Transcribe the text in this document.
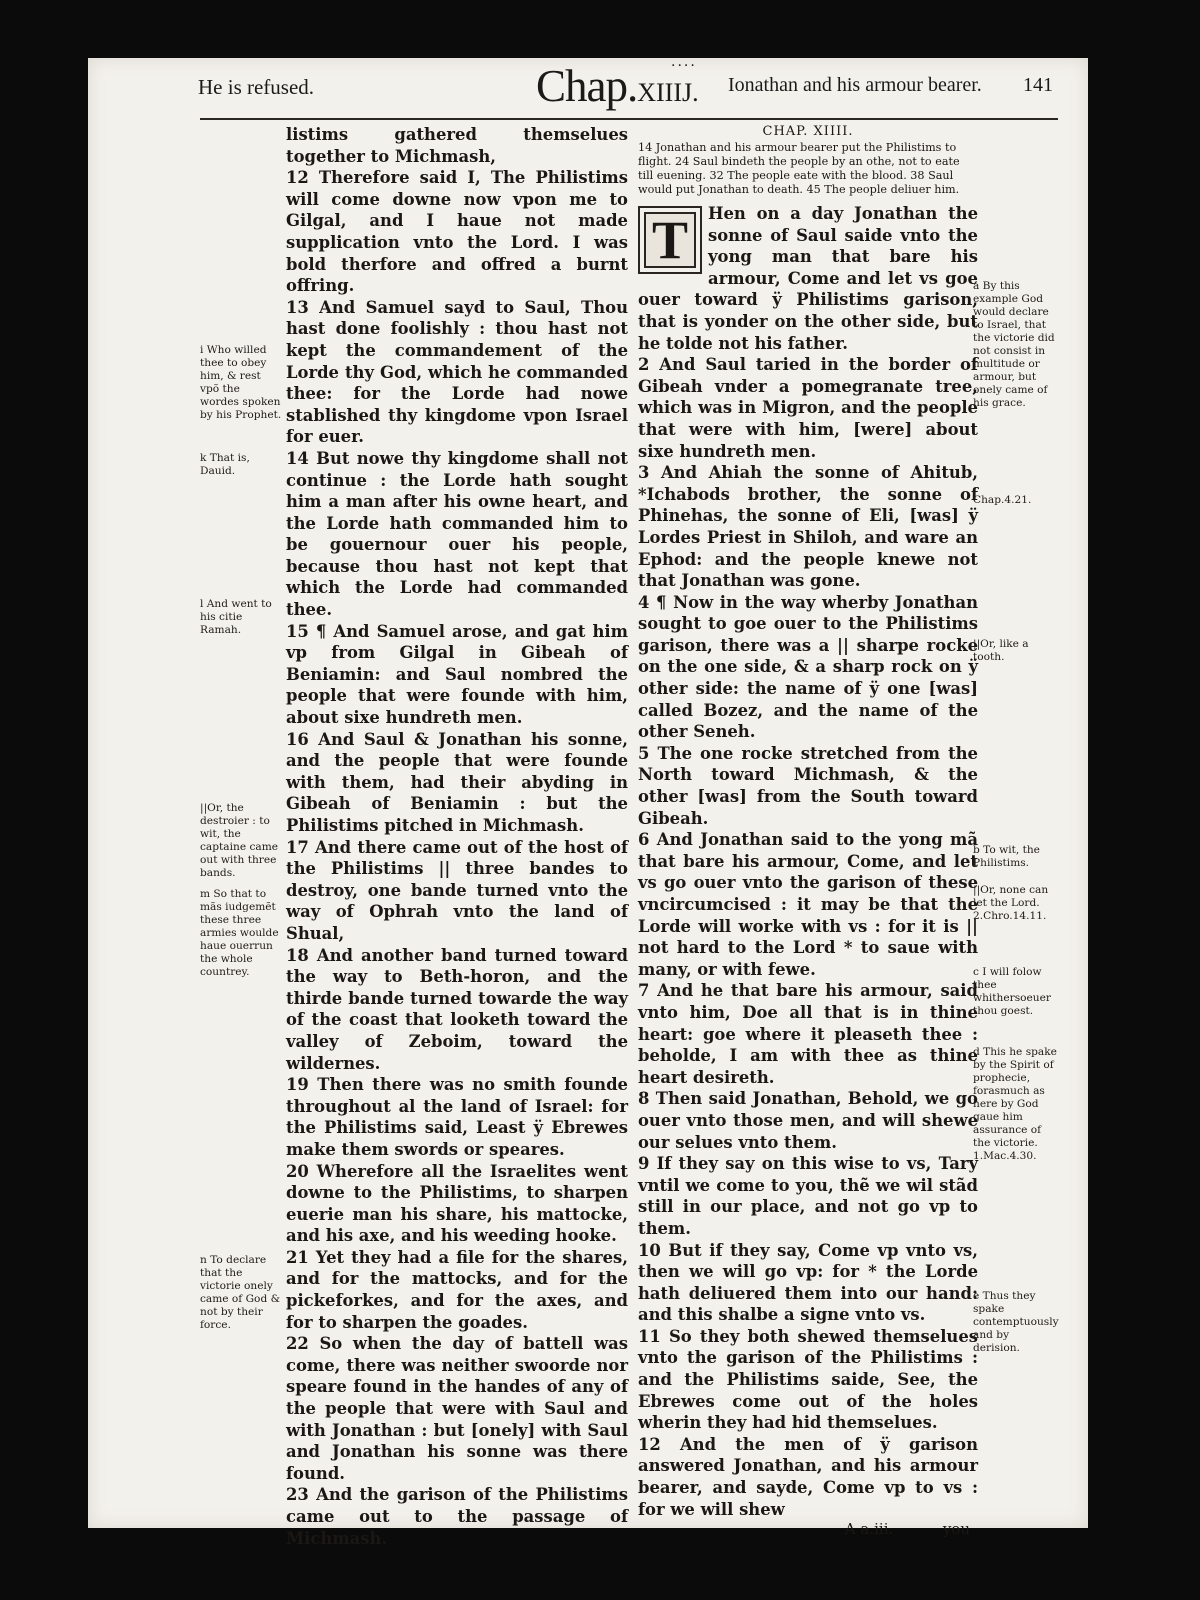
He is refused.
....
Chap.XIIIJ. Ionathan and his armour bearer. 141

listims gathered themselues together to Michmash,

12 Therefore said I, The Philistims will come downe now vpon me to Gilgal, and I haue not made supplication vnto the Lord. I was bold therfore and offred a burnt offring.

13 And Samuel sayd to Saul, Thou hast done foolishly : thou hast not kept the commandement of the Lorde thy God, which he commanded thee: for the Lorde had nowe stablished thy kingdome vpon Israel for euer.

14 But nowe thy kingdome shall not continue : the Lorde hath sought him a man after his owne heart, and the Lorde hath commanded him to be gouernour ouer his people, because thou hast not kept that which the Lorde had commanded thee.

15 ¶ And Samuel arose, and gat him vp from Gilgal in Gibeah of Beniamin: and Saul nombred the people that were founde with him, about sixe hundreth men.

16 And Saul & Jonathan his sonne, and the people that were founde with them, had their abyding in Gibeah of Beniamin : but the Philistims pitched in Michmash.

17 And there came out of the host of the Philistims || three bandes to destroy, one bande turned vnto the way of Ophrah vnto the land of Shual,

18 And another band turned toward the way to Beth-horon, and the thirde bande turned towarde the way of the coast that looketh toward the valley of Zeboim, toward the wildernes.

19 Then there was no smith founde throughout al the land of Israel: for the Philistims said, Least ÿ Ebrewes make them swords or speares.

20 Wherefore all the Israelites went downe to the Philistims, to sharpen euerie man his share, his mattocke, and his axe, and his weeding hooke.

21 Yet they had a file for the shares, and for the mattocks, and for the pickeforkes, and for the axes, and for to sharpen the goades.

22 So when the day of battell was come, there was neither swoorde nor speare found in the handes of any of the people that were with Saul and with Jonathan : but [onely] with Saul and Jonathan his sonne was there found.

23 And the garison of the Philistims came out to the passage of Michmash.

CHAP. XIIII.
14 Jonathan and his armour bearer put the Philistims to flight. 24 Saul bindeth the people by an othe, not to eate till euening. 32 The people eate with the blood. 38 Saul would put Jonathan to death. 45 The people deliuer him.
T	Hen on a day Jonathan the sonne of Saul saide vnto the yong man that bare his armour, Come and let vs goe ouer toward ÿ Philistims garison, that is yonder on the other side, but he tolde not his father.

2 And Saul taried in the border of Gibeah vnder a pomegranate tree, which was in Migron, and the people that were with him, [were] about sixe hundreth men.

3 And Ahiah the sonne of Ahitub, *Ichabods brother, the sonne of Phinehas, the sonne of Eli, [was] ÿ Lordes Priest in Shiloh, and ware an Ephod: and the people knewe not that Jonathan was gone.

4 ¶ Now in the way wherby Jonathan sought to goe ouer to the Philistims garison, there was a || sharpe rocke on the one side, & a sharp rock on ÿ other side: the name of ÿ one [was] called Bozez, and the name of the other Seneh.

5 The one rocke stretched from the North toward Michmash, & the other [was] from the South toward Gibeah.

6 And Jonathan said to the yong mã that bare his armour, Come, and let vs go ouer vnto the garison of these vncircumcised : it may be that the Lorde will worke with vs : for it is || not hard to the Lord * to saue with many, or with fewe.

7 And he that bare his armour, said vnto him, Doe all that is in thine heart: goe where it pleaseth thee : beholde, I am with thee as thine heart desireth.

8 Then said Jonathan, Behold, we go ouer vnto those men, and will shewe our selues vnto them.

9 If they say on this wise to vs, Tary vntil we come to you, thẽ we wil stãd still in our place, and not go vp to them.

10 But if they say, Come vp vnto vs, then we will go vp: for * the Lorde hath deliuered them into our hand: and this shalbe a signe vnto vs.

11 So they both shewed themselues vnto the garison of the Philistims : and the Philistims saide, See, the Ebrewes come out of the holes wherin they had hid themselues.

12 And the men of ÿ garison answered Jonathan, and his armour bearer, and sayde, Come vp to vs : for we will shew

A a.iii.	you
i Who willed thee to obey him, & rest vpõ the wordes spoken by his Prophet.
k That is, Dauid.
l And went to his citie Ramah.
||Or, the destroier : to wit, the captaine came out with three bands.
m So that to mãs iudgemẽt these three armies woulde haue ouerrun the whole countrey.
n To declare that the victorie onely came of God & not by their force.
a By this example God would declare to Israel, that the victorie did not consist in multitude or armour, but onely came of his grace.
Chap.4.21.
||Or, like a tooth.
b To wit, the Philistims.
||Or, none can let the Lord. 2.Chro.14.11.
c I will folow thee whithersoeuer thou goest.
d This he spake by the Spirit of prophecie, forasmuch as here by God gaue him assurance of the victorie. 1.Mac.4.30.
e Thus they spake contemptuously and by derision.
